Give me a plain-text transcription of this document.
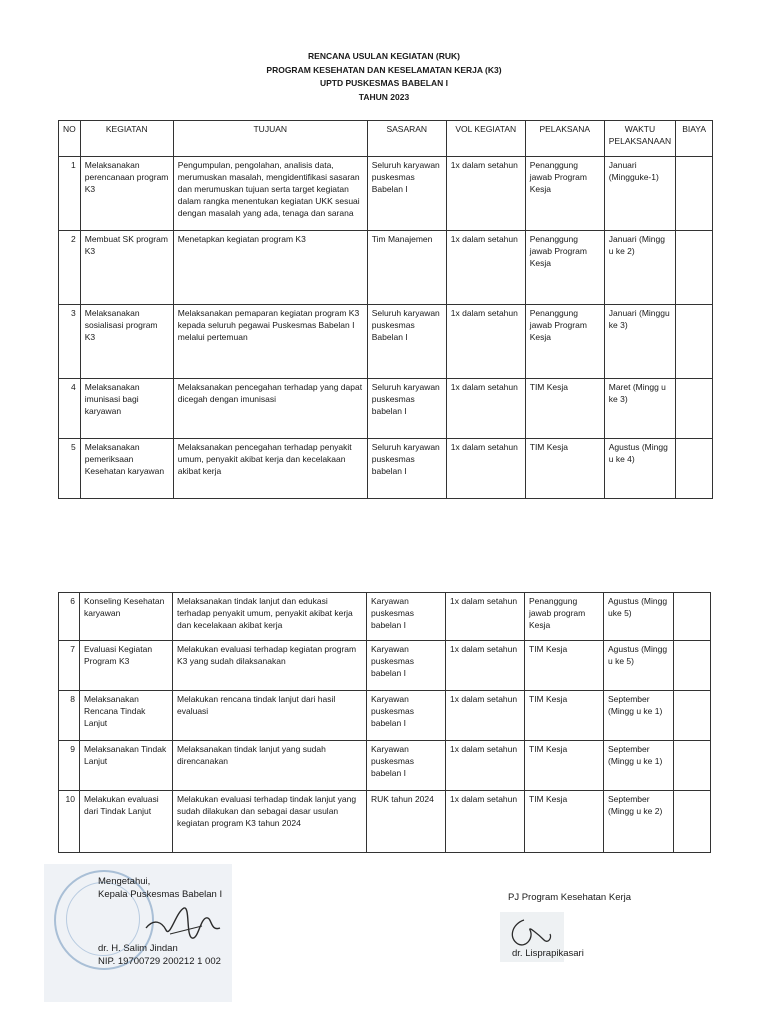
RENCANA USULAN KEGIATAN (RUK)
PROGRAM KESEHATAN DAN KESELAMATAN KERJA (K3)
UPTD PUSKESMAS BABELAN I
TAHUN 2023
NO	KEGIATAN	TUJUAN	SASARAN	VOL KEGIATAN	PELAKSANA	WAKTU PELAKSANAAN	BIAYA
1	Melaksanakan perencanaan program K3	Pengumpulan, pengolahan, analisis data, merumuskan masalah, mengidentifikasi sasaran dan merumuskan tujuan serta target kegiatan dalam rangka menentukan kegiatan UKK sesuai dengan masalah yang ada, tenaga dan sarana	Seluruh karyawan puskesmas Babelan I	1x dalam setahun	Penanggung jawab Program Kesja	Januari (Mingguke-1)	
2	Membuat SK program K3	Menetapkan kegiatan program K3	Tim Manajemen	1x dalam setahun	Penanggung jawab Program Kesja	Januari (Mingg u ke 2)	
3	Melaksanakan sosialisasi program K3	Melaksanakan pemaparan kegiatan program K3 kepada seluruh pegawai Puskesmas Babelan I melalui pertemuan	Seluruh karyawan puskesmas Babelan I	1x dalam setahun	Penanggung jawab Program Kesja	Januari (Minggu ke 3)	
4	Melaksanakan imunisasi bagi karyawan	Melaksanakan pencegahan terhadap yang dapat dicegah dengan imunisasi	Seluruh karyawan puskesmas babelan I	1x dalam setahun	TIM Kesja	Maret (Mingg u ke 3)	
5	Melaksanakan pemeriksaan Kesehatan karyawan	Melaksanakan pencegahan terhadap penyakit umum, penyakit akibat kerja dan kecelakaan akibat kerja	Seluruh karyawan puskesmas babelan I	1x dalam setahun	TIM Kesja	Agustus (Mingg u ke 4)	
6	Konseling Kesehatan karyawan	Melaksanakan tindak lanjut dan edukasi terhadap penyakit umum, penyakit akibat kerja dan kecelakaan akibat kerja	Karyawan puskesmas babelan I	1x dalam setahun	Penanggung jawab program Kesja	Agustus (Mingg uke 5)	
7	Evaluasi Kegiatan Program K3	Melakukan evaluasi terhadap kegiatan program K3 yang sudah dilaksanakan	Karyawan puskesmas babelan I	1x dalam setahun	TIM Kesja	Agustus (Mingg u ke 5)	
8	Melaksanakan Rencana Tindak Lanjut	Melakukan rencana tindak lanjut dari hasil evaluasi	Karyawan puskesmas babelan I	1x dalam setahun	TIM Kesja	September (Mingg u ke 1)	
9	Melaksanakan Tindak Lanjut	Melaksanakan tindak lanjut yang sudah direncanakan	Karyawan puskesmas babelan I	1x dalam setahun	TIM Kesja	September (Mingg u ke 1)	
10	Melakukan evaluasi dari Tindak Lanjut	Melakukan evaluasi terhadap tindak lanjut yang sudah dilakukan dan sebagai dasar usulan kegiatan program K3 tahun 2024	RUK tahun 2024	1x dalam setahun	TIM Kesja	September (Mingg u ke 2)	
Mengetahui,
Kepala Puskesmas Babelan I
dr. H. Salim Jindan
NIP. 19700729 200212 1 002
PJ Program Kesehatan Kerja
dr. Lisprapikasari
